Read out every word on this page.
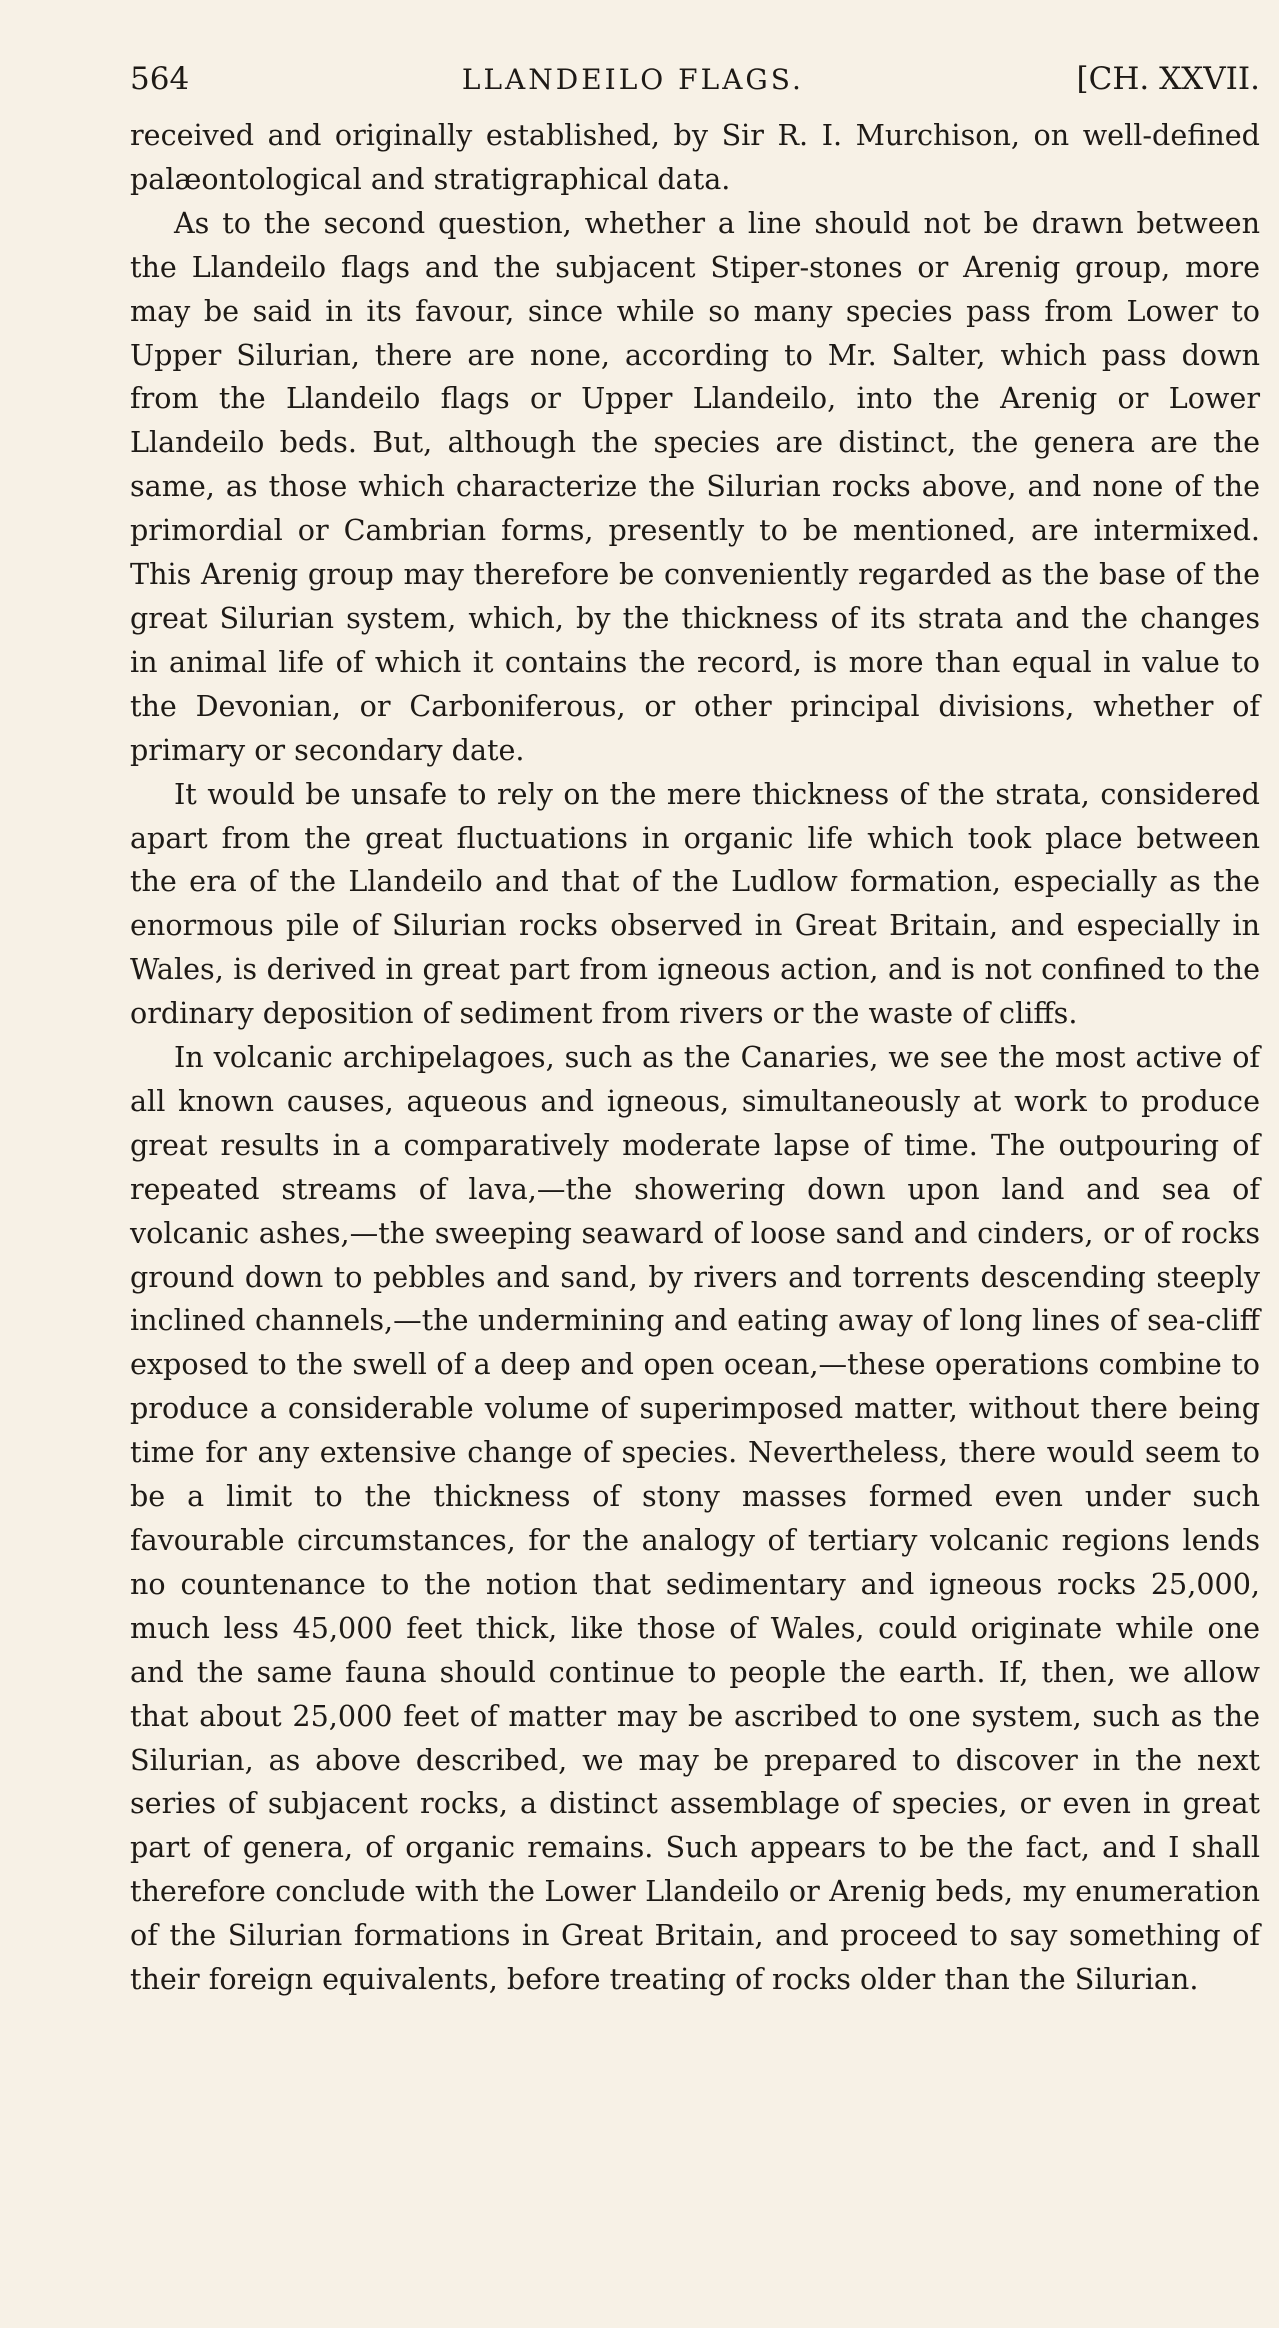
564	LLANDEILO FLAGS.	[CH. XXVII.

received and originally established, by Sir R. I. Murchison, on well-defined palæontological and stratigraphical data.

As to the second question, whether a line should not be drawn between the Llandeilo flags and the subjacent Stiper-stones or Arenig group, more may be said in its favour, since while so many species pass from Lower to Upper Silurian, there are none, according to Mr. Salter, which pass down from the Llandeilo flags or Upper Llandeilo, into the Arenig or Lower Llandeilo beds. But, although the species are distinct, the genera are the same, as those which characterize the Silurian rocks above, and none of the primordial or Cambrian forms, presently to be mentioned, are intermixed. This Arenig group may therefore be conveniently regarded as the base of the great Silurian system, which, by the thickness of its strata and the changes in animal life of which it contains the record, is more than equal in value to the Devonian, or Carboniferous, or other principal divisions, whether of primary or secondary date.

It would be unsafe to rely on the mere thickness of the strata, considered apart from the great fluctuations in organic life which took place between the era of the Llandeilo and that of the Ludlow formation, especially as the enormous pile of Silurian rocks observed in Great Britain, and especially in Wales, is derived in great part from igneous action, and is not confined to the ordinary deposition of sediment from rivers or the waste of cliffs.

In volcanic archipelagoes, such as the Canaries, we see the most active of all known causes, aqueous and igneous, simultaneously at work to produce great results in a comparatively moderate lapse of time. The outpouring of repeated streams of lava,—the showering down upon land and sea of volcanic ashes,—the sweeping seaward of loose sand and cinders, or of rocks ground down to pebbles and sand, by rivers and torrents descending steeply inclined channels,—the undermining and eating away of long lines of sea-cliff exposed to the swell of a deep and open ocean,—these operations combine to produce a considerable volume of superimposed matter, without there being time for any extensive change of species. Nevertheless, there would seem to be a limit to the thickness of stony masses formed even under such favourable circumstances, for the analogy of tertiary volcanic regions lends no countenance to the notion that sedimentary and igneous rocks 25,000, much less 45,000 feet thick, like those of Wales, could originate while one and the same fauna should continue to people the earth. If, then, we allow that about 25,000 feet of matter may be ascribed to one system, such as the Silurian, as above described, we may be prepared to discover in the next series of subjacent rocks, a distinct assemblage of species, or even in great part of genera, of organic remains. Such appears to be the fact, and I shall therefore conclude with the Lower Llandeilo or Arenig beds, my enumeration of the Silurian formations in Great Britain, and proceed to say something of their foreign equivalents, before treating of rocks older than the Silurian.
